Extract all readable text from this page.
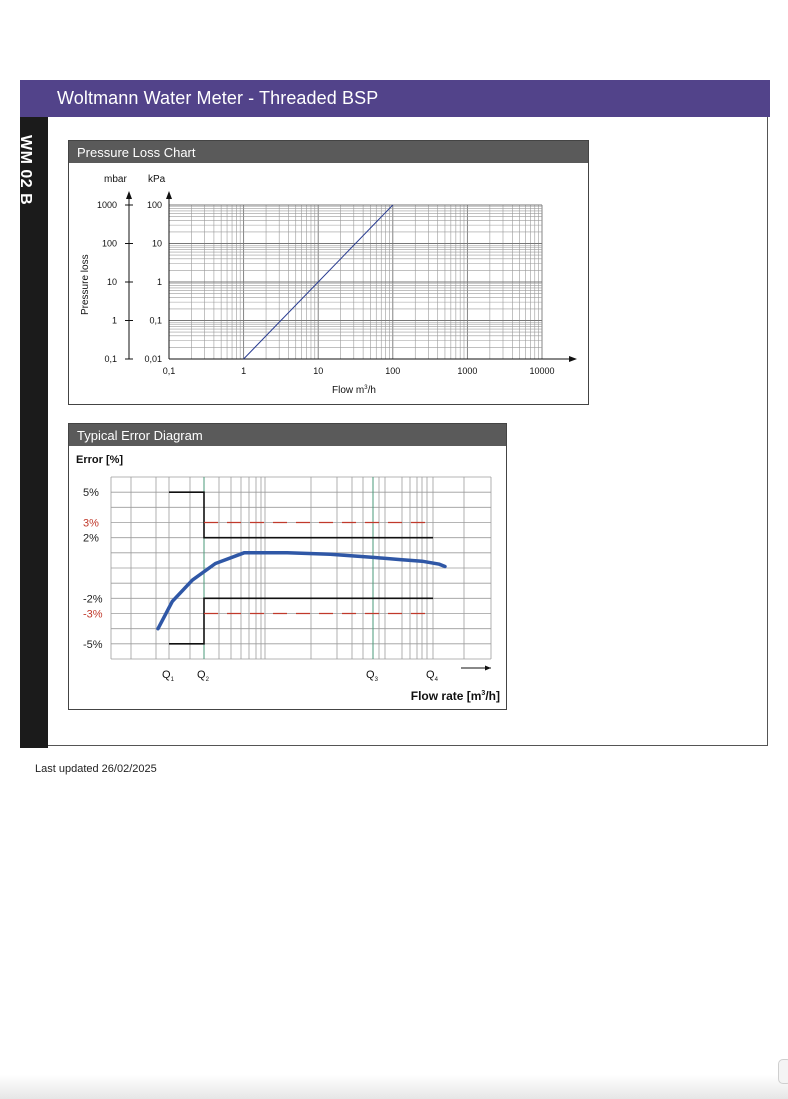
Woltmann Water Meter - Threaded BSP
WM 02 B	Pressure Loss Chart
0,1	1	10	100	1000	10000
0,01
0,1
1
10
100
0,1
1
10
100
1000
mbar kPa
Pressure loss
Flow $m^3/h$
Typical Error Diagram
Error [%]
5%
3%
2%
-2%
-3%
-5%
$Q_1$ $Q_2$	$Q_3$	$Q_4$
Flow rate $[m^3/h]$
Last updated 26/02/2025
